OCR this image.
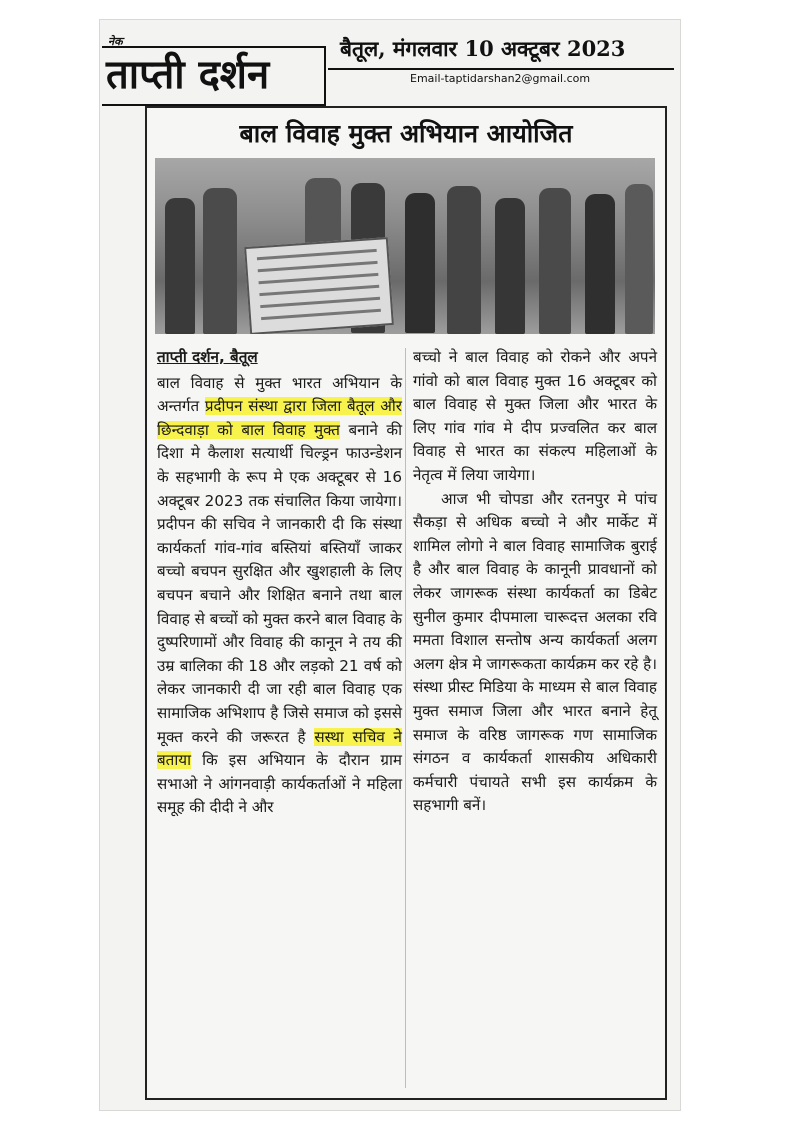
नेक
ताप्ती दर्शन
बैतूल, मंगलवार 10 अक्टूबर 2023
Email-taptidarshan2@gmail.com
बाल विवाह मुक्त अभियान आयोजित
ताप्ती दर्शन, बैतूल
बाल विवाह से मुक्त भारत अभियान के अन्तर्गत प्रदीपन संस्था द्वारा जिला बैतूल और छिन्दवाड़ा को बाल विवाह मुक्त बनाने की दिशा मे कैलाश सत्यार्थी चिल्ड्रन फाउन्डेशन के सहभागी के रूप मे एक अक्टूबर से 16 अक्टूबर 2023 तक संचालित किया जायेगा। प्रदीपन की सचिव ने जानकारी दी कि संस्था कार्यकर्ता गांव-गांव बस्तियां बस्तियाँ जाकर बच्चो बचपन सुरक्षित और खुशहाली के लिए बचपन बचाने और शिक्षित बनाने तथा बाल विवाह से बच्चों को मुक्त करने बाल विवाह के दुष्परिणामों और विवाह की कानून ने तय की उम्र बालिका की 18 और लड़को 21 वर्ष को लेकर जानकारी दी जा रही बाल विवाह एक सामाजिक अभिशाप है जिसे समाज को इससे मूक्त करने की जरूरत है सस्था सचिव ने बताया कि इस अभियान के दौरान ग्राम सभाओ ने आंगनवाड़ी कार्यकर्ताओं ने महिला समूह की दीदी ने और
बच्चो ने बाल विवाह को रोकने और अपने गांवो को बाल विवाह मुक्त 16 अक्टूबर को बाल विवाह से मुक्त जिला और भारत के लिए गांव गांव मे दीप प्रज्वलित कर बाल विवाह से भारत का संकल्प महिलाओं के नेतृत्व में लिया जायेगा।
आज भी चोपडा और रतनपुर मे पांच सैकड़ा से अधिक बच्चो ने और मार्केट में शामिल लोगो ने बाल विवाह सामाजिक बुराई है और बाल विवाह के कानूनी प्रावधानों को लेकर जागरूक संस्था कार्यकर्ता का डिबेट सुनील कुमार दीपमाला चारूदत्त अलका रवि ममता विशाल सन्तोष अन्य कार्यकर्ता अलग अलग क्षेत्र मे जागरूकता कार्यक्रम कर रहे है। संस्था प्रीस्ट मिडिया के माध्यम से बाल विवाह मुक्त समाज जिला और भारत बनाने हेतू समाज के वरिष्ठ जागरूक गण सामाजिक संगठन व कार्यकर्ता शासकीय अधिकारी कर्मचारी पंचायते सभी इस कार्यक्रम के सहभागी बनें।
